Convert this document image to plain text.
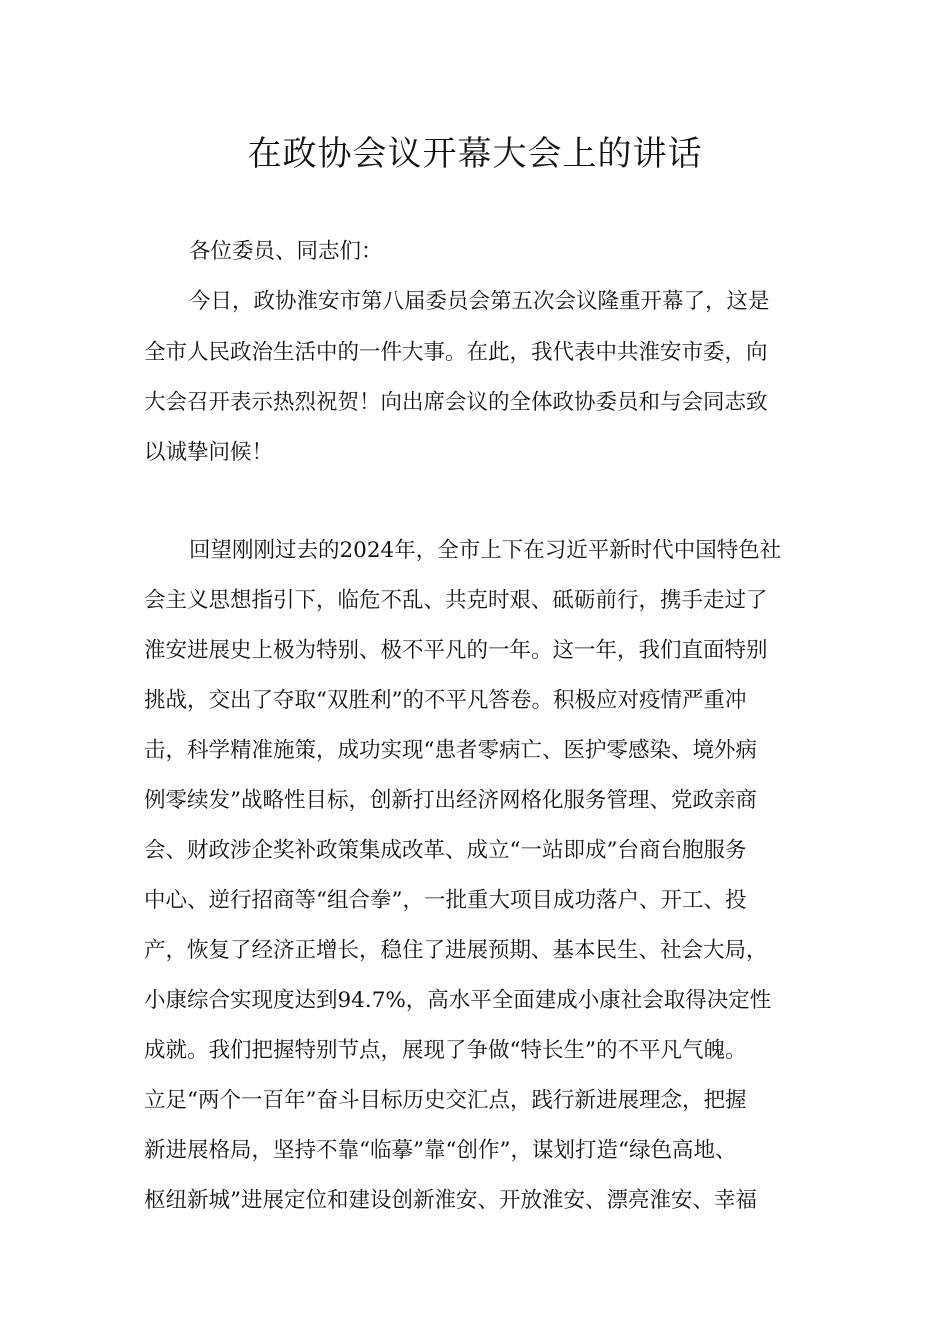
在政协会议开幕大会上的讲话

各位委员、同志们：

今日，政协淮安市第八届委员会第五次会议隆重开幕了，这是

全市人民政治生活中的一件大事。在此，我代表中共淮安市委，向

大会召开表示热烈祝贺！向出席会议的全体政协委员和与会同志致

以诚挚问候！

回望刚刚过去的2024年，全市上下在习近平新时代中国特色社

会主义思想指引下，临危不乱、共克时艰、砥砺前行，携手走过了

淮安进展史上极为特别、极不平凡的一年。这一年，我们直面特别

挑战，交出了夺取“双胜利”的不平凡答卷。积极应对疫情严重冲

击，科学精准施策，成功实现“患者零病亡、医护零感染、境外病

例零续发”战略性目标，创新打出经济网格化服务管理、党政亲商

会、财政涉企奖补政策集成改革、成立“一站即成”台商台胞服务

中心、逆行招商等“组合拳”，一批重大项目成功落户、开工、投

产，恢复了经济正增长，稳住了进展预期、基本民生、社会大局，

小康综合实现度达到94.7%，高水平全面建成小康社会取得决定性

成就。我们把握特别节点，展现了争做“特长生”的不平凡气魄。

立足“两个一百年”奋斗目标历史交汇点，践行新进展理念，把握

新进展格局，坚持不靠“临摹”靠“创作”，谋划打造“绿色高地、

枢纽新城”进展定位和建设创新淮安、开放淮安、漂亮淮安、幸福
